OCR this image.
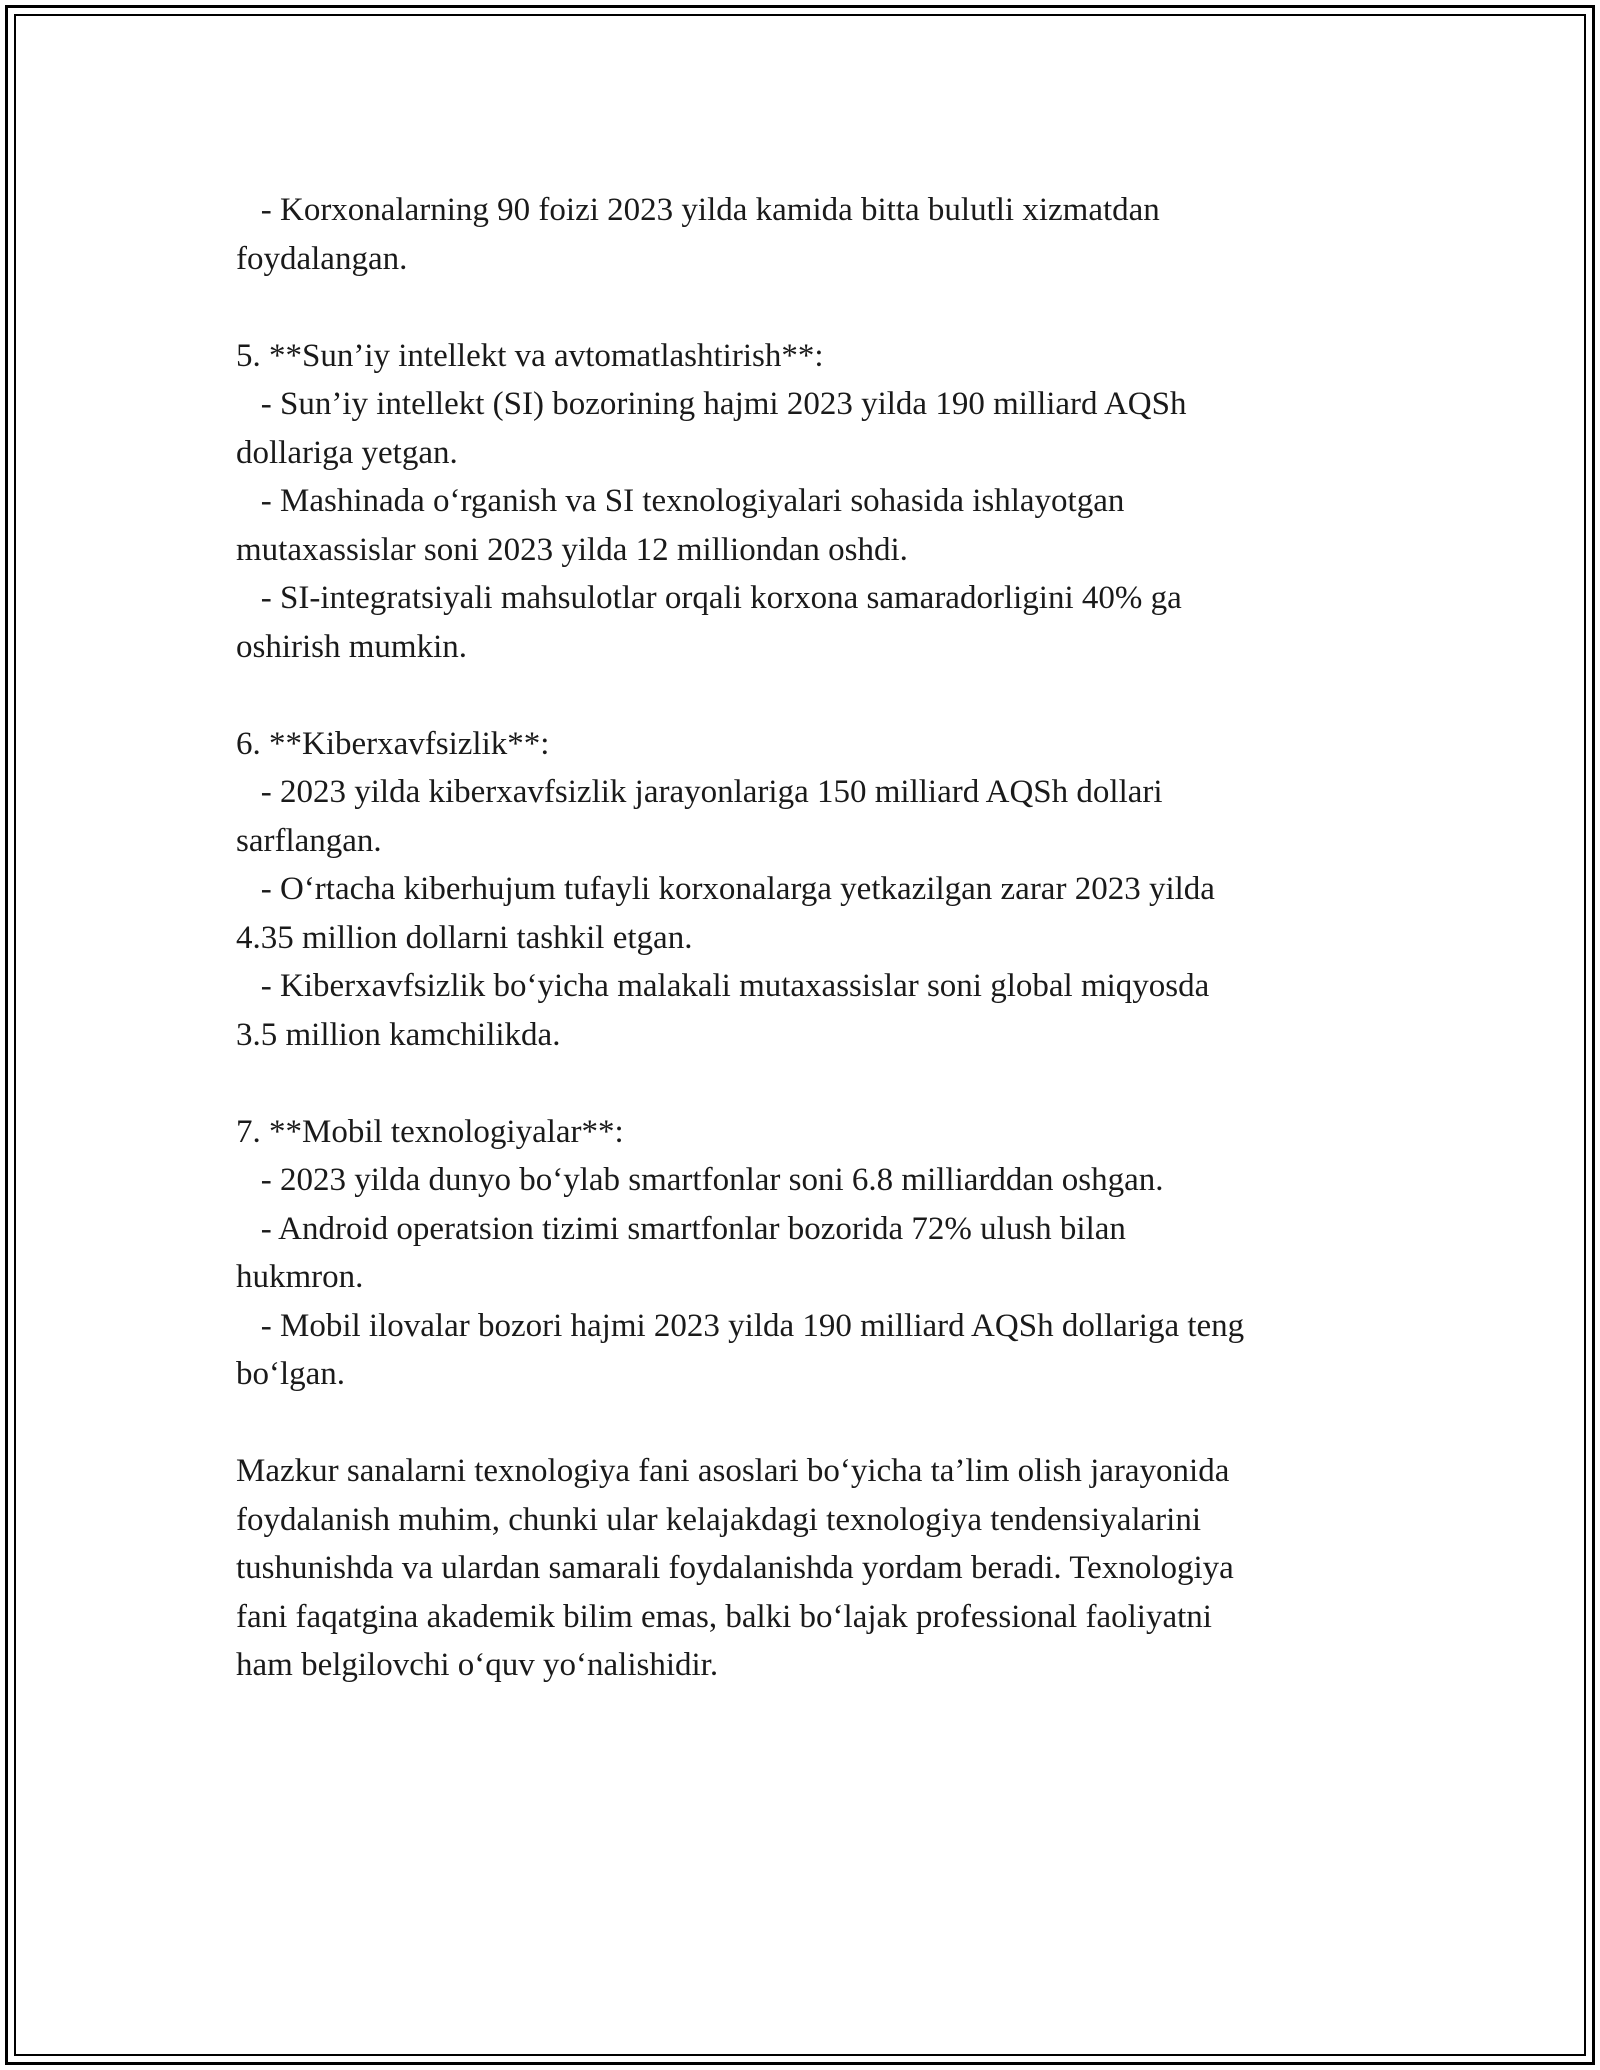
- Korxonalarning 90 foizi 2023 yilda kamida bitta bulutli xizmatdan
foydalangan.
5. **Sun’iy intellekt va avtomatlashtirish**:
- Sun’iy intellekt (SI) bozorining hajmi 2023 yilda 190 milliard AQSh
dollariga yetgan.
- Mashinada o‘rganish va SI texnologiyalari sohasida ishlayotgan
mutaxassislar soni 2023 yilda 12 milliondan oshdi.
- SI-integratsiyali mahsulotlar orqali korxona samaradorligini 40% ga
oshirish mumkin.
6. **Kiberxavfsizlik**:
- 2023 yilda kiberxavfsizlik jarayonlariga 150 milliard AQSh dollari
sarflangan.
- O‘rtacha kiberhujum tufayli korxonalarga yetkazilgan zarar 2023 yilda
4.35 million dollarni tashkil etgan.
- Kiberxavfsizlik bo‘yicha malakali mutaxassislar soni global miqyosda
3.5 million kamchilikda.
7. **Mobil texnologiyalar**:
- 2023 yilda dunyo bo‘ylab smartfonlar soni 6.8 milliarddan oshgan.
- Android operatsion tizimi smartfonlar bozorida 72% ulush bilan
hukmron.
- Mobil ilovalar bozori hajmi 2023 yilda 190 milliard AQSh dollariga teng
bo‘lgan.
Mazkur sanalarni texnologiya fani asoslari bo‘yicha ta’lim olish jarayonida
foydalanish muhim, chunki ular kelajakdagi texnologiya tendensiyalarini
tushunishda va ulardan samarali foydalanishda yordam beradi. Texnologiya
fani faqatgina akademik bilim emas, balki bo‘lajak professional faoliyatni
ham belgilovchi o‘quv yo‘nalishidir.
